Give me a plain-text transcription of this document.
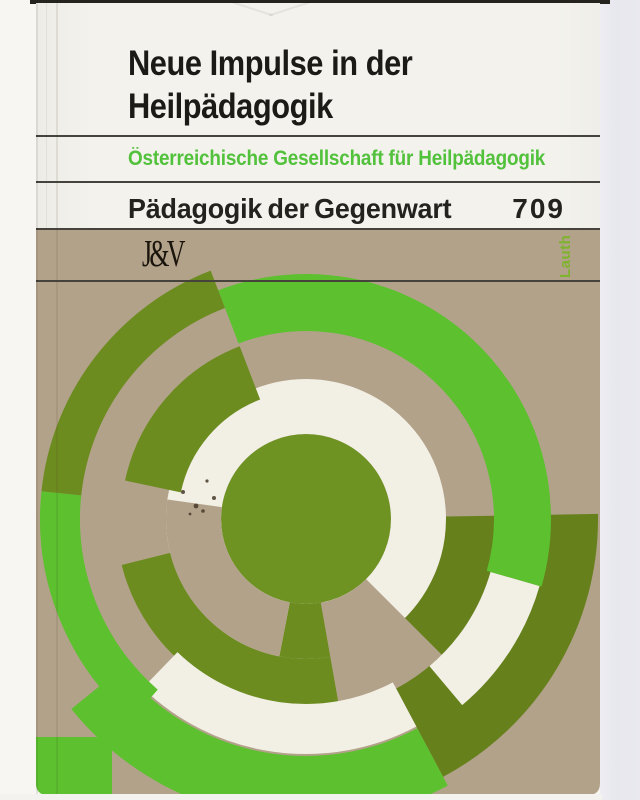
Neue Impulse in der
Heilpädagogik
Österreichische Gesellschaft für Heilpädagogik
Pädagogik der Gegenwart 709
J&V	Lauth
